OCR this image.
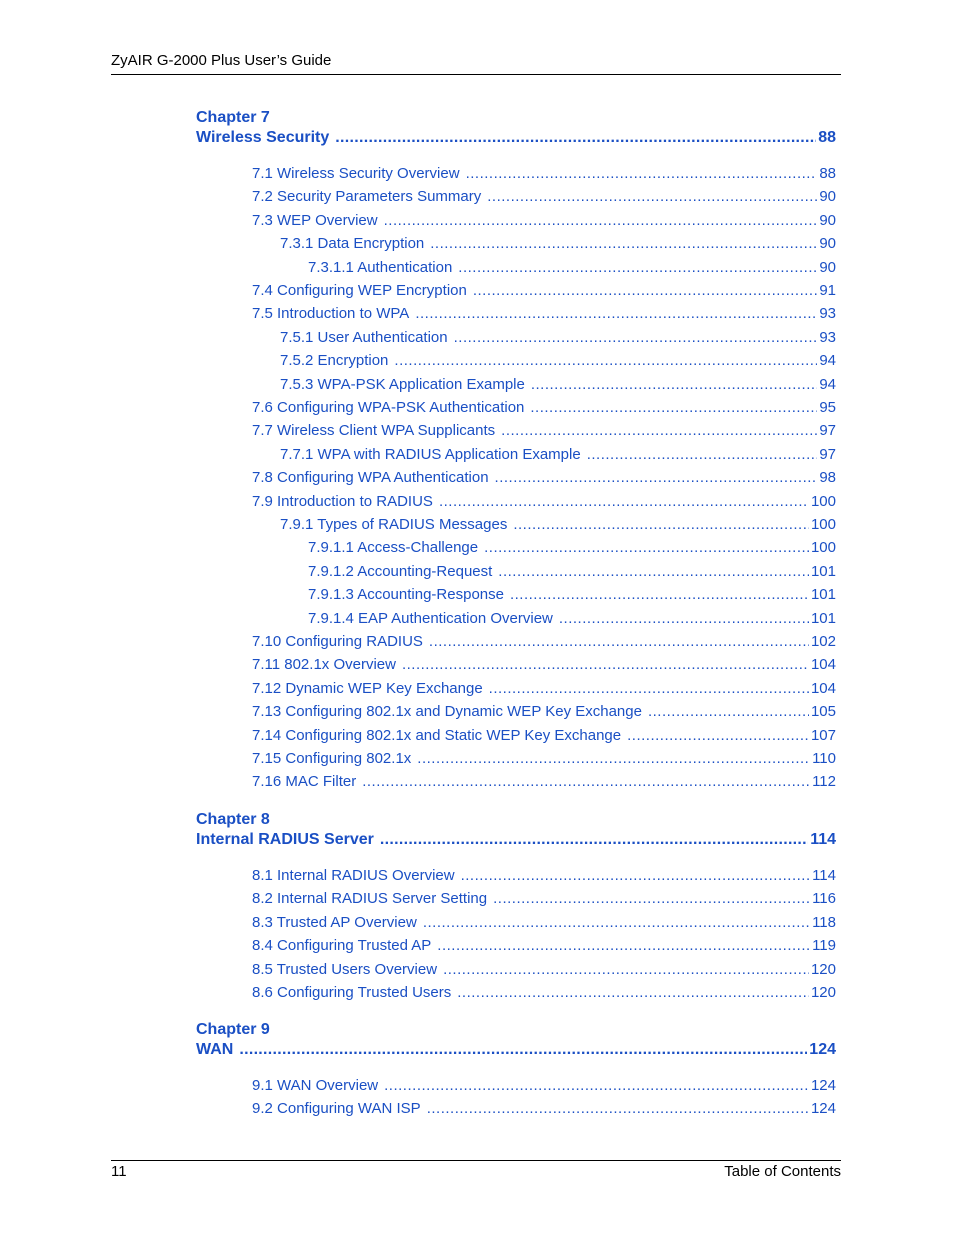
ZyAIR G-2000 Plus User’s Guide
Chapter 7
Wireless Security .....	88
7.1 Wireless Security Overview .....	88
7.2 Security Parameters Summary .....	90
7.3 WEP Overview .....	90
7.3.1 Data Encryption .....	90
7.3.1.1 Authentication .....	90
7.4 Configuring WEP Encryption .....	91
7.5 Introduction to WPA .....	93
7.5.1 User Authentication .....	93
7.5.2 Encryption .....	94
7.5.3 WPA-PSK Application Example .....	94
7.6 Configuring WPA-PSK Authentication .....	95
7.7 Wireless Client WPA Supplicants .....	97
7.7.1 WPA with RADIUS Application Example .....	97
7.8 Configuring WPA Authentication .....	98
7.9 Introduction to RADIUS .....	100
7.9.1 Types of RADIUS Messages .....	100
7.9.1.1 Access-Challenge .....	100
7.9.1.2 Accounting-Request .....	101
7.9.1.3 Accounting-Response .....	101
7.9.1.4 EAP Authentication Overview .....	101
7.10 Configuring RADIUS .....	102
7.11 802.1x Overview .....	104
7.12 Dynamic WEP Key Exchange .....	104
7.13 Configuring 802.1x and Dynamic WEP Key Exchange .....	105
7.14 Configuring 802.1x and Static WEP Key Exchange .....	107
7.15 Configuring 802.1x .....	110
7.16 MAC Filter .....	112
Chapter 8
Internal RADIUS Server .....	114
8.1 Internal RADIUS Overview .....	114
8.2 Internal RADIUS Server Setting .....	116
8.3 Trusted AP Overview .....	118
8.4 Configuring Trusted AP .....	119
8.5 Trusted Users Overview .....	120
8.6 Configuring Trusted Users .....	120
Chapter 9
WAN .....	124
9.1 WAN Overview .....	124
9.2 Configuring WAN ISP .....	124
11	Table of Contents
